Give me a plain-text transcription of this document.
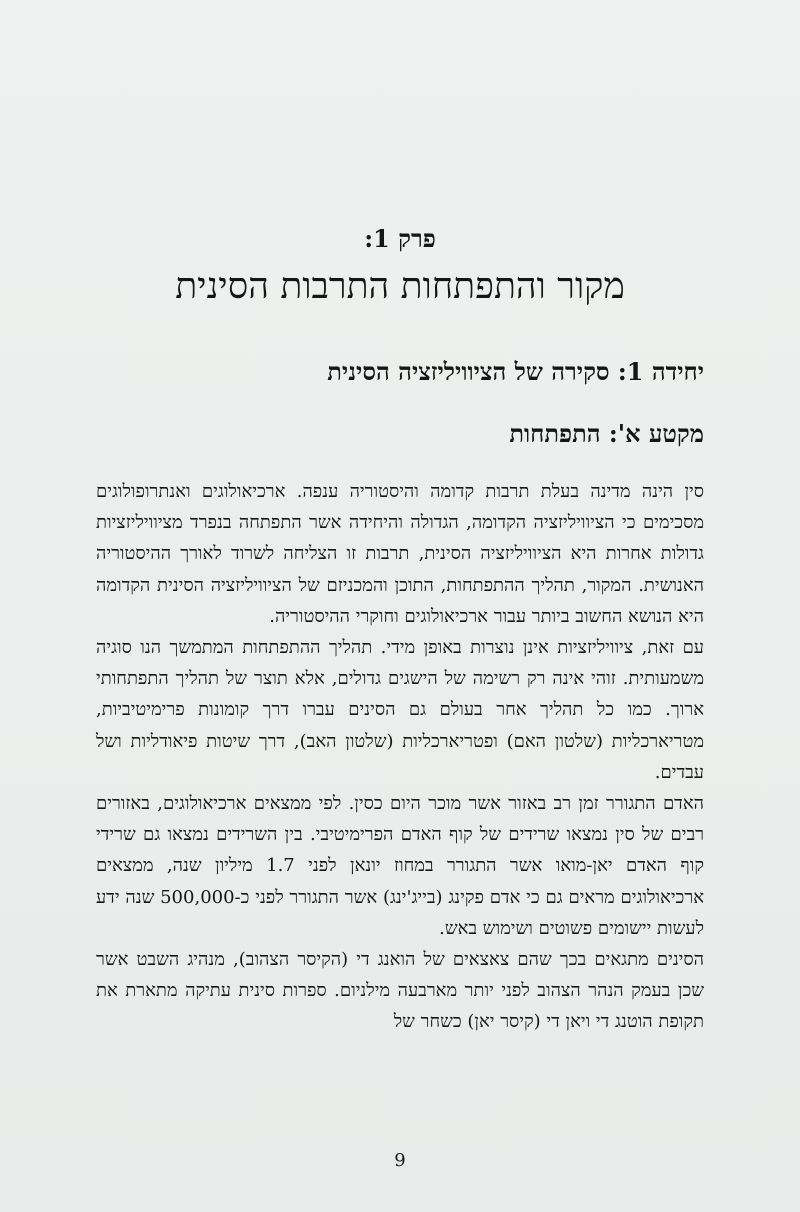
פרק 1:
מקור והתפתחות התרבות הסינית
יחידה 1: סקירה של הציוויליזציה הסינית
מקטע א': התפתחות

סין הינה מדינה בעלת תרבות קדומה והיסטוריה ענפה. ארכיאולוגים ואנתרופולוגים מסכימים כי הציוויליזציה הקדומה, הגדולה והיחידה אשר התפתחה בנפרד מציוויליזציות גדולות אחרות היא הציוויליזציה הסינית, תרבות זו הצליחה לשרוד לאורך ההיסטוריה האנושית. המקור, תהליך ההתפתחות, התוכן והמכניזם של הציוויליזציה הסינית הקדומה היא הנושא החשוב ביותר עבור ארכיאולוגים וחוקרי ההיסטוריה.

עם זאת, ציוויליזציות אינן נוצרות באופן מידי. תהליך ההתפתחות המתמשך הנו סוגיה משמעותית. זוהי אינה רק רשימה של הישגים גדולים, אלא תוצר של תהליך התפתחותי ארוך. כמו כל תהליך אחר בעולם גם הסינים עברו דרך קומונות פרימיטיביות, מטריארכליות (שלטון האם) ופטריארכליות (שלטון האב), דרך שיטות פיאודליות ושל עבדים.

האדם התגורר זמן רב באזור אשר מוכר היום כסין. לפי ממצאים ארכיאולוגים, באזורים רבים של סין נמצאו שרידים של קוף האדם הפרימיטיבי. בין השרידים נמצאו גם שרידי קוף האדם יאן-מואו אשר התגורר במחוז יונאן לפני 1.7 מיליון שנה, ממצאים ארכיאולוגים מראים גם כי אדם פקינג (בייג'ינג) אשר התגורר לפני כ-500,000 שנה ידע לעשות יישומים פשוטים ושימוש באש.

הסינים מתגאים בכך שהם צאצאים של הואנג די (הקיסר הצהוב), מנהיג השבט אשר שכן בעמק הנהר הצהוב לפני יותר מארבעה מילניום. ספרות סינית עתיקה מתארת את תקופת הוטנג די ויאן די (קיסר יאן) כשחר של

9
